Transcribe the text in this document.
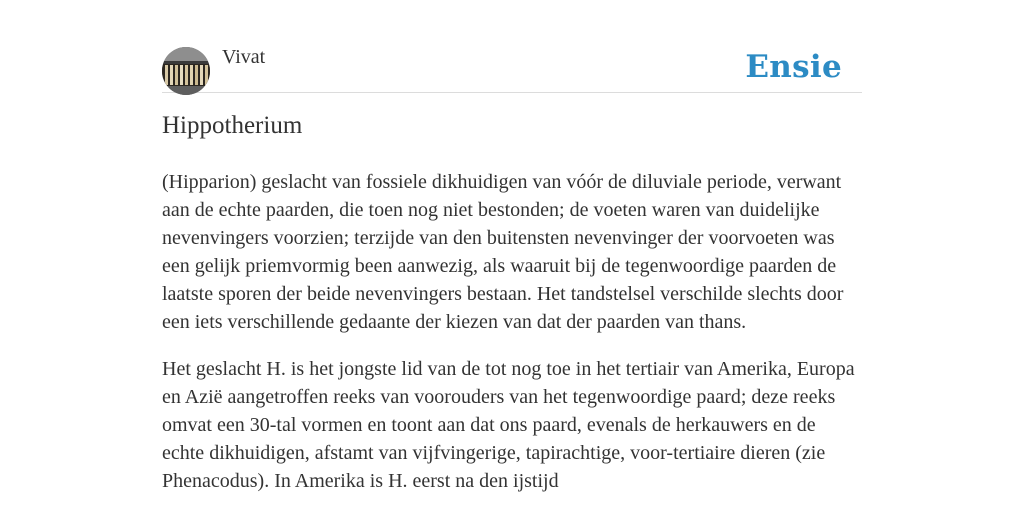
Vivat	Ensie
Hippotherium

(Hipparion) geslacht van fossiele dikhuidigen van vóór de diluviale periode, verwant aan de echte paarden, die toen nog niet bestonden; de voeten waren van duidelijke nevenvingers voorzien; terzijde van den buitensten nevenvinger der voorvoeten was een gelijk priemvormig been aanwezig, als waaruit bij de tegenwoordige paarden de laatste sporen der beide nevenvingers bestaan. Het tandstelsel verschilde slechts door een iets verschillende gedaante der kiezen van dat der paarden van thans.

Het geslacht H. is het jongste lid van de tot nog toe in het tertiair van Amerika, Europa en Azië aangetroffen reeks van voorouders van het tegenwoordige paard; deze reeks omvat een 30-tal vormen en toont aan dat ons paard, evenals de herkauwers en de echte dikhuidigen, afstamt van vijfvingerige, tapirachtige, voor-tertiaire dieren (zie Phenacodus). In Amerika is H. eerst na den ijstijd
